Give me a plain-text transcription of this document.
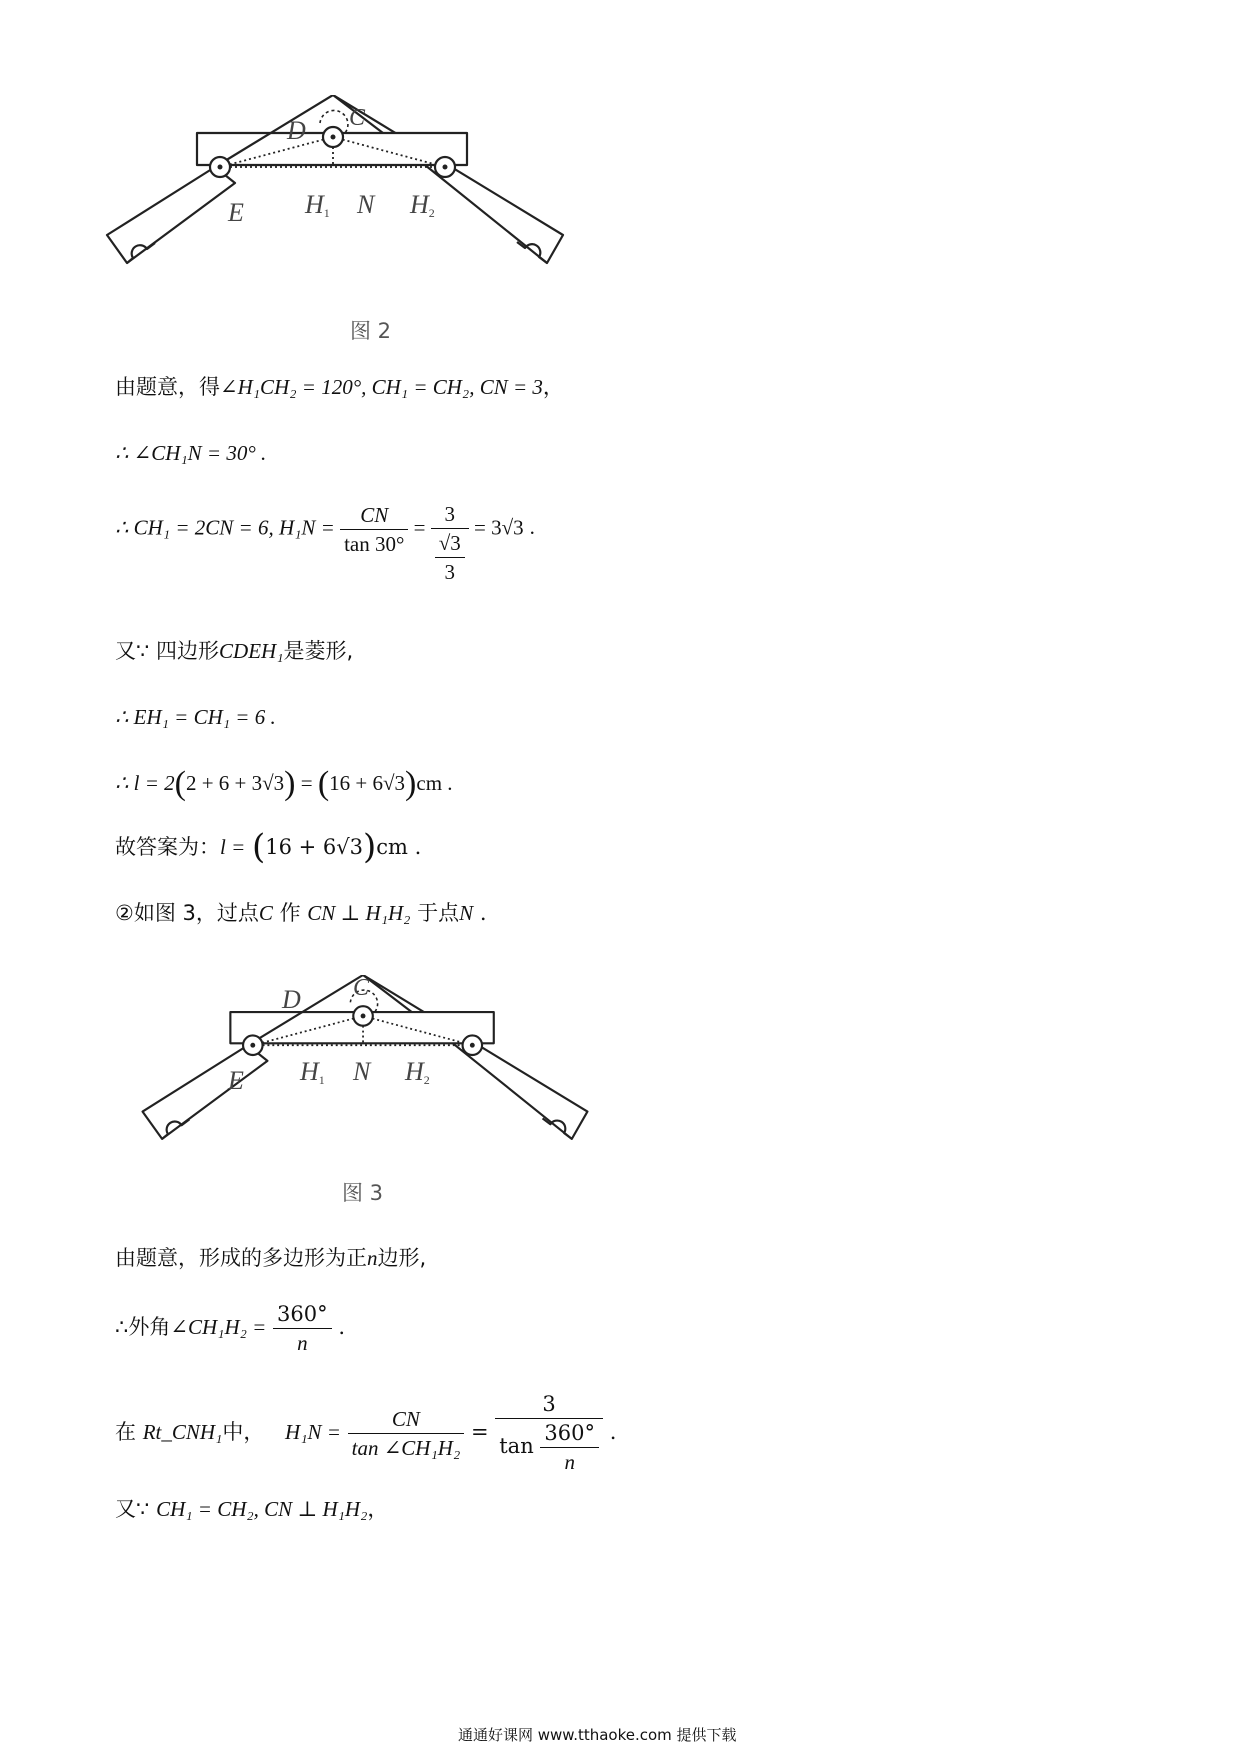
D C
E $H_1$ N $H_2$
图 2
由题意，得∠H₁CH₂ = 120°, CH₁ = CH₂, CN = 3，
∴ ∠CH₁N = 30° .
∴ CH₁ = 2CN = 6, $H_1N = \frac{CN}{\tan 30^\circ} = \frac{3}{\frac{√3}{3}} = 3√3$ .
又∵ 四边形CDEH₁是菱形,
∴ EH₁ = CH₁ = 6 .
∴ l = 2(2 + 6 + 3√3) = (16 + 6√3)cm .
故答案为：l = (16 + 6√3)cm .
②如图 3，过点C 作 CN ⊥ H₁H₂ 于点N .
D C
E $H_1$ N $H_2$
图 3
由题意，形成的多边形为正n边形,
∴外角∠CH₁H₂ = $\frac{360^\circ}{n}$ .
在 Rt_CNH₁中， $H_1N = \frac{CN}{\text{tan ∠CH₁H₂}} = \frac{3}{\tan \frac{360^\circ}{n}}$ .
又∵ CH₁ = CH₂, CN ⊥ H₁H₂，
通通好课网 www.tthaoke.com 提供下载
